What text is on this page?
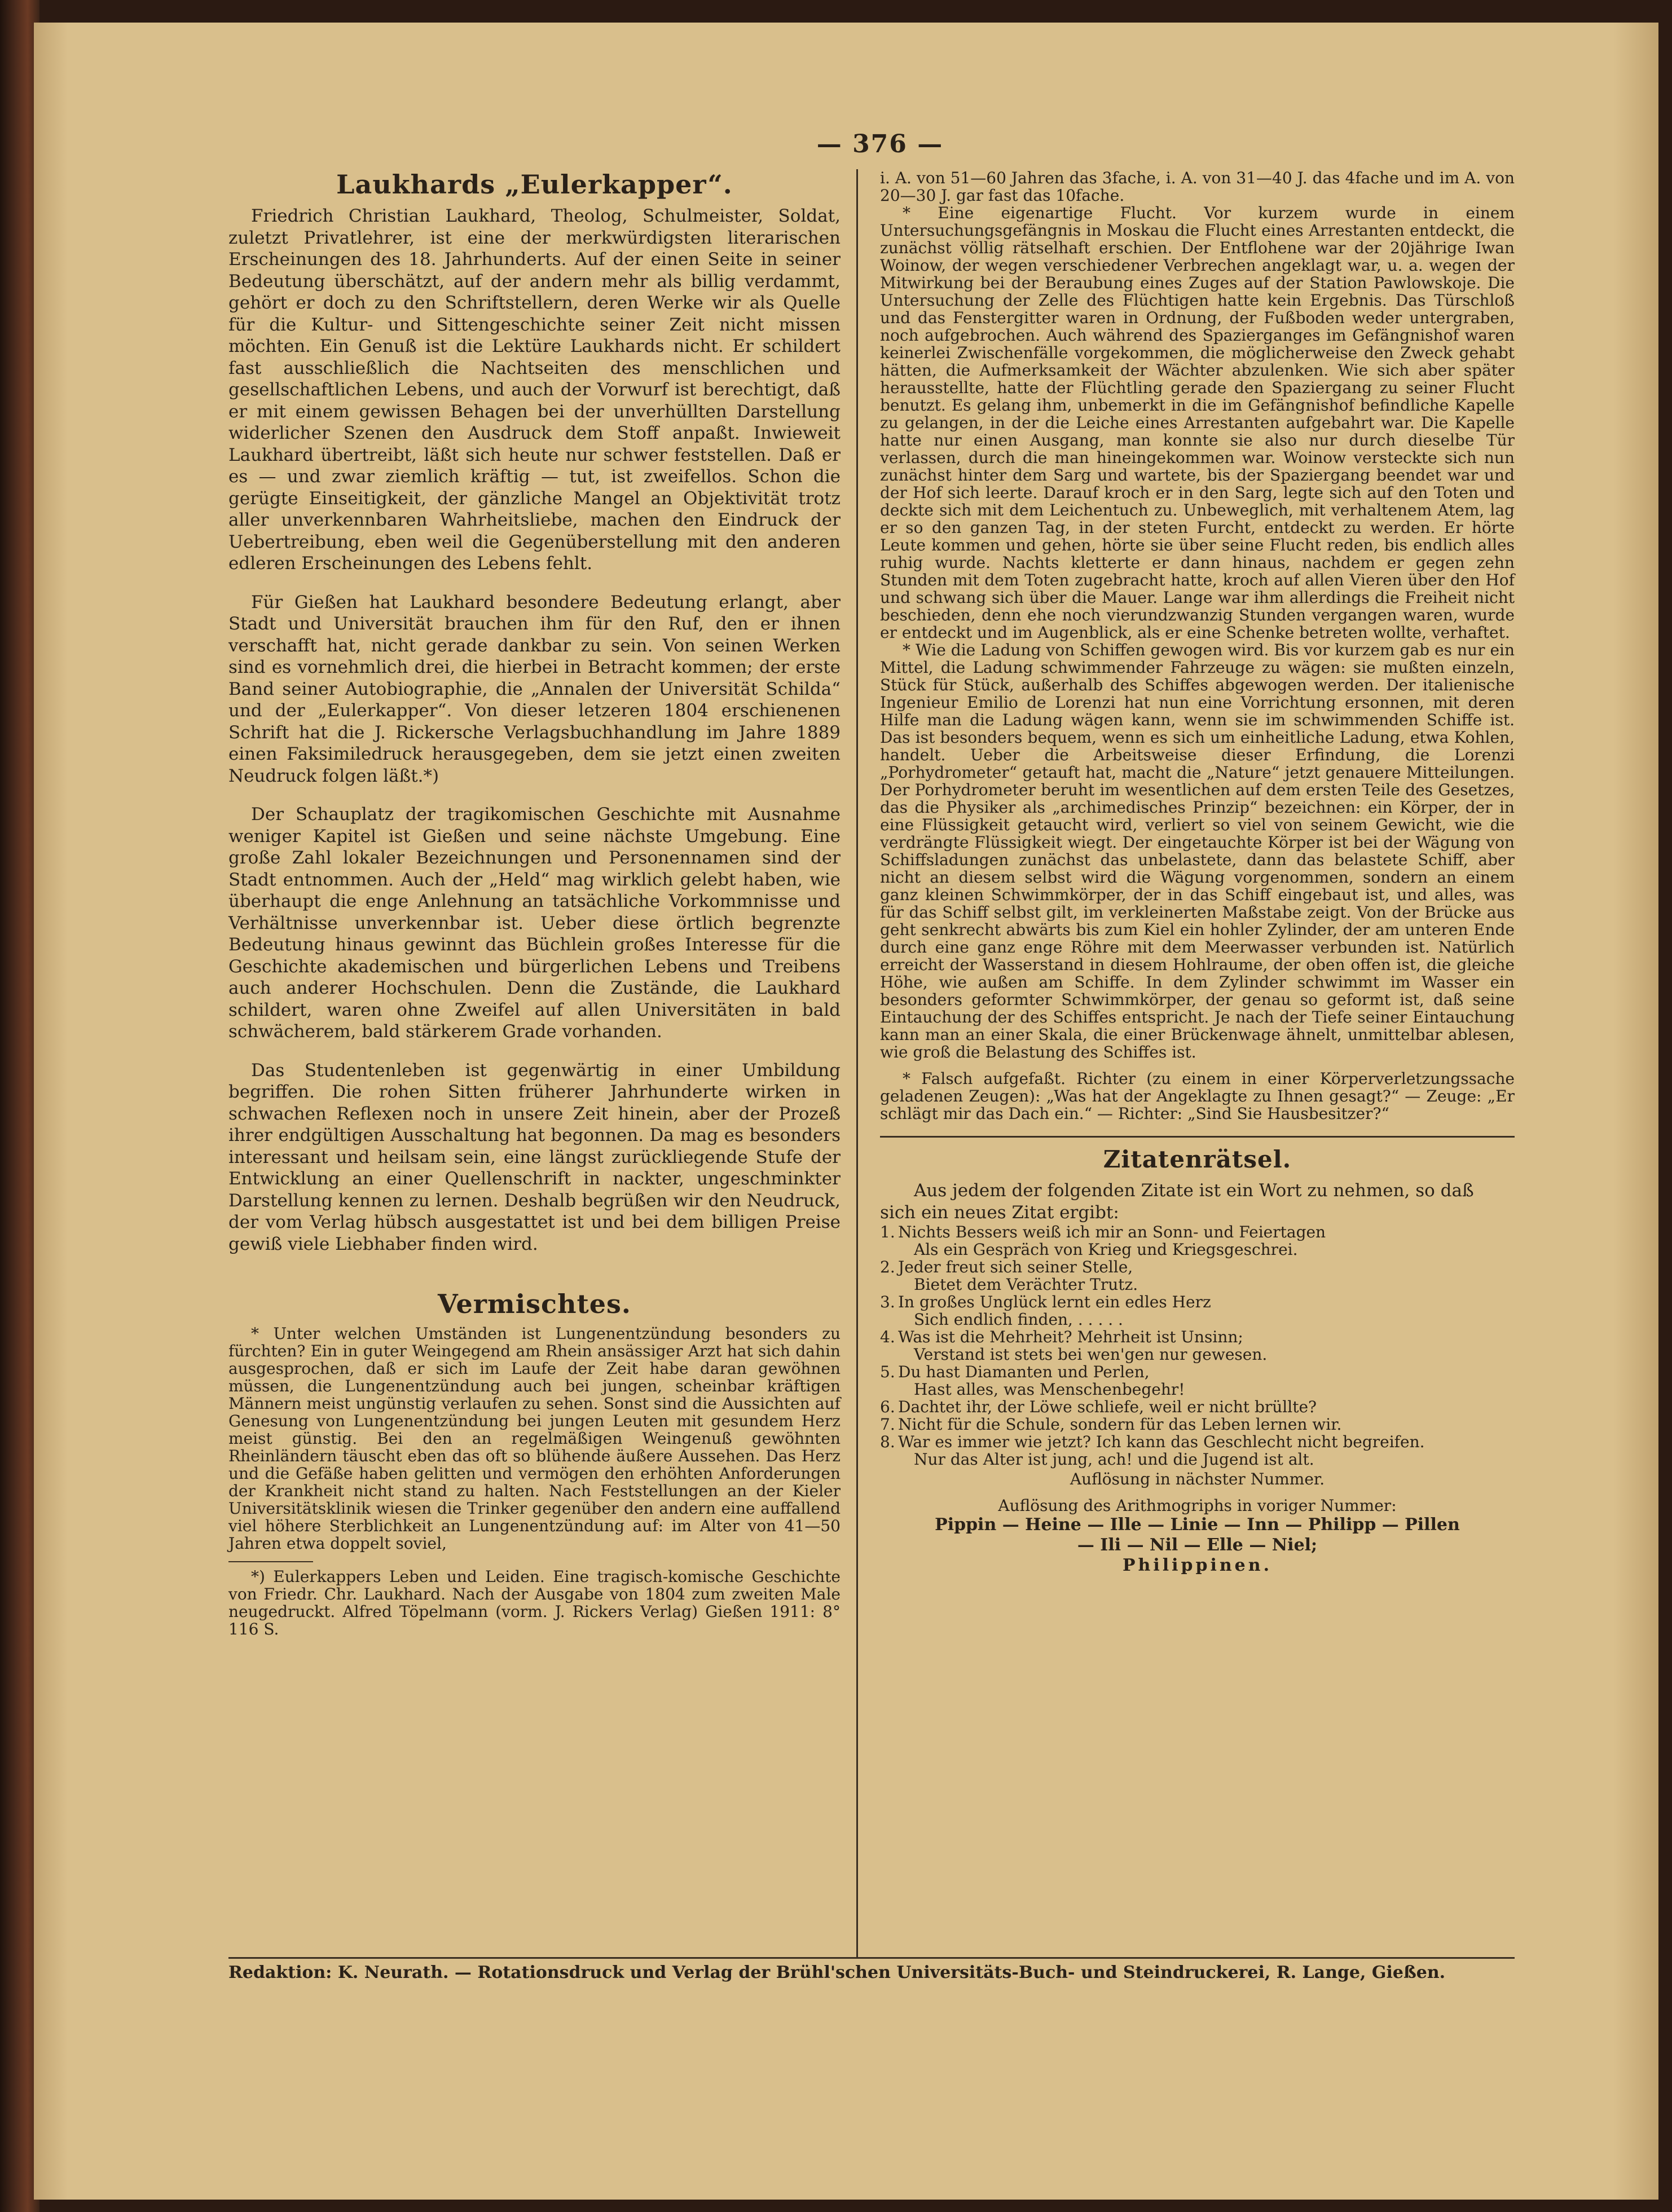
— 376 —
Laukhards „Eulerkapper“.

Friedrich Christian Laukhard, Theolog, Schulmeister, Soldat, zuletzt Privatlehrer, ist eine der merkwürdigsten literarischen Erscheinungen des 18. Jahrhunderts. Auf der einen Seite in seiner Bedeutung überschätzt, auf der andern mehr als billig verdammt, gehört er doch zu den Schriftstellern, deren Werke wir als Quelle für die Kultur- und Sittengeschichte seiner Zeit nicht missen möchten. Ein Genuß ist die Lektüre Laukhards nicht. Er schildert fast ausschließlich die Nachtseiten des menschlichen und gesellschaftlichen Lebens, und auch der Vorwurf ist berechtigt, daß er mit einem gewissen Behagen bei der unverhüllten Darstellung widerlicher Szenen den Ausdruck dem Stoff anpaßt. Inwieweit Laukhard übertreibt, läßt sich heute nur schwer feststellen. Daß er es — und zwar ziemlich kräftig — tut, ist zweifellos. Schon die gerügte Einseitigkeit, der gänzliche Mangel an Objektivität trotz aller unverkennbaren Wahrheitsliebe, machen den Eindruck der Uebertreibung, eben weil die Gegenüberstellung mit den anderen edleren Erscheinungen des Lebens fehlt.

Für Gießen hat Laukhard besondere Bedeutung erlangt, aber Stadt und Universität brauchen ihm für den Ruf, den er ihnen verschafft hat, nicht gerade dankbar zu sein. Von seinen Werken sind es vornehmlich drei, die hierbei in Betracht kommen; der erste Band seiner Autobiographie, die „Annalen der Universität Schilda“ und der „Eulerkapper“. Von dieser letzeren 1804 erschienenen Schrift hat die J. Rickersche Verlagsbuchhandlung im Jahre 1889 einen Faksimiledruck herausgegeben, dem sie jetzt einen zweiten Neudruck folgen läßt.*)

Der Schauplatz der tragikomischen Geschichte mit Ausnahme weniger Kapitel ist Gießen und seine nächste Umgebung. Eine große Zahl lokaler Bezeichnungen und Personennamen sind der Stadt entnommen. Auch der „Held“ mag wirklich gelebt haben, wie überhaupt die enge Anlehnung an tatsächliche Vorkommnisse und Verhältnisse unverkennbar ist. Ueber diese örtlich begrenzte Bedeutung hinaus gewinnt das Büchlein großes Interesse für die Geschichte akademischen und bürgerlichen Lebens und Treibens auch anderer Hochschulen. Denn die Zustände, die Laukhard schildert, waren ohne Zweifel auf allen Universitäten in bald schwächerem, bald stärkerem Grade vorhanden.

Das Studentenleben ist gegenwärtig in einer Umbildung begriffen. Die rohen Sitten früherer Jahrhunderte wirken in schwachen Reflexen noch in unsere Zeit hinein, aber der Prozeß ihrer endgültigen Ausschaltung hat begonnen. Da mag es besonders interessant und heilsam sein, eine längst zurückliegende Stufe der Entwicklung an einer Quellenschrift in nackter, ungeschminkter Darstellung kennen zu lernen. Deshalb begrüßen wir den Neudruck, der vom Verlag hübsch ausgestattet ist und bei dem billigen Preise gewiß viele Liebhaber finden wird.

Vermischtes.

* Unter welchen Umständen ist Lungenentzündung besonders zu fürchten? Ein in guter Weingegend am Rhein ansässiger Arzt hat sich dahin ausgesprochen, daß er sich im Laufe der Zeit habe daran gewöhnen müssen, die Lungenentzündung auch bei jungen, scheinbar kräftigen Männern meist ungünstig verlaufen zu sehen. Sonst sind die Aussichten auf Genesung von Lungenentzündung bei jungen Leuten mit gesundem Herz meist günstig. Bei den an regelmäßigen Weingenuß gewöhnten Rheinländern täuscht eben das oft so blühende äußere Aussehen. Das Herz und die Gefäße haben gelitten und vermögen den erhöhten Anforderungen der Krankheit nicht stand zu halten. Nach Feststellungen an der Kieler Universitätsklinik wiesen die Trinker gegenüber den andern eine auffallend viel höhere Sterblichkeit an Lungenentzündung auf: im Alter von 41—50 Jahren etwa doppelt soviel,

*) Eulerkappers Leben und Leiden. Eine tragisch-komische Geschichte von Friedr. Chr. Laukhard. Nach der Ausgabe von 1804 zum zweiten Male neugedruckt. Alfred Töpelmann (vorm. J. Rickers Verlag) Gießen 1911: 8° 116 S.

i. A. von 51—60 Jahren das 3fache, i. A. von 31—40 J. das 4fache und im A. von 20—30 J. gar fast das 10fache.

* Eine eigenartige Flucht. Vor kurzem wurde in einem Untersuchungsgefängnis in Moskau die Flucht eines Arrestanten entdeckt, die zunächst völlig rätselhaft erschien. Der Entflohene war der 20jährige Iwan Woinow, der wegen verschiedener Verbrechen angeklagt war, u. a. wegen der Mitwirkung bei der Beraubung eines Zuges auf der Station Pawlowskoje. Die Untersuchung der Zelle des Flüchtigen hatte kein Ergebnis. Das Türschloß und das Fenstergitter waren in Ordnung, der Fußboden weder untergraben, noch aufgebrochen. Auch während des Spazierganges im Gefängnishof waren keinerlei Zwischenfälle vorgekommen, die möglicherweise den Zweck gehabt hätten, die Aufmerksamkeit der Wächter abzulenken. Wie sich aber später herausstellte, hatte der Flüchtling gerade den Spaziergang zu seiner Flucht benutzt. Es gelang ihm, unbemerkt in die im Gefängnishof befindliche Kapelle zu gelangen, in der die Leiche eines Arrestanten aufgebahrt war. Die Kapelle hatte nur einen Ausgang, man konnte sie also nur durch dieselbe Tür verlassen, durch die man hineingekommen war. Woinow versteckte sich nun zunächst hinter dem Sarg und wartete, bis der Spaziergang beendet war und der Hof sich leerte. Darauf kroch er in den Sarg, legte sich auf den Toten und deckte sich mit dem Leichentuch zu. Unbeweglich, mit verhaltenem Atem, lag er so den ganzen Tag, in der steten Furcht, entdeckt zu werden. Er hörte Leute kommen und gehen, hörte sie über seine Flucht reden, bis endlich alles ruhig wurde. Nachts kletterte er dann hinaus, nachdem er gegen zehn Stunden mit dem Toten zugebracht hatte, kroch auf allen Vieren über den Hof und schwang sich über die Mauer. Lange war ihm allerdings die Freiheit nicht beschieden, denn ehe noch vierundzwanzig Stunden vergangen waren, wurde er entdeckt und im Augenblick, als er eine Schenke betreten wollte, verhaftet.

* Wie die Ladung von Schiffen gewogen wird. Bis vor kurzem gab es nur ein Mittel, die Ladung schwimmender Fahrzeuge zu wägen: sie mußten einzeln, Stück für Stück, außerhalb des Schiffes abgewogen werden. Der italienische Ingenieur Emilio de Lorenzi hat nun eine Vorrichtung ersonnen, mit deren Hilfe man die Ladung wägen kann, wenn sie im schwimmenden Schiffe ist. Das ist besonders bequem, wenn es sich um einheitliche Ladung, etwa Kohlen, handelt. Ueber die Arbeitsweise dieser Erfindung, die Lorenzi „Porhydrometer“ getauft hat, macht die „Nature“ jetzt genauere Mitteilungen. Der Porhydrometer beruht im wesentlichen auf dem ersten Teile des Gesetzes, das die Physiker als „archimedisches Prinzip“ bezeichnen: ein Körper, der in eine Flüssigkeit getaucht wird, verliert so viel von seinem Gewicht, wie die verdrängte Flüssigkeit wiegt. Der eingetauchte Körper ist bei der Wägung von Schiffsladungen zunächst das unbelastete, dann das belastete Schiff, aber nicht an diesem selbst wird die Wägung vorgenommen, sondern an einem ganz kleinen Schwimmkörper, der in das Schiff eingebaut ist, und alles, was für das Schiff selbst gilt, im verkleinerten Maßstabe zeigt. Von der Brücke aus geht senkrecht abwärts bis zum Kiel ein hohler Zylinder, der am unteren Ende durch eine ganz enge Röhre mit dem Meerwasser verbunden ist. Natürlich erreicht der Wasserstand in diesem Hohlraume, der oben offen ist, die gleiche Höhe, wie außen am Schiffe. In dem Zylinder schwimmt im Wasser ein besonders geformter Schwimmkörper, der genau so geformt ist, daß seine Eintauchung der des Schiffes entspricht. Je nach der Tiefe seiner Eintauchung kann man an einer Skala, die einer Brückenwage ähnelt, unmittelbar ablesen, wie groß die Belastung des Schiffes ist.

* Falsch aufgefaßt. Richter (zu einem in einer Körperverletzungssache geladenen Zeugen): „Was hat der Angeklagte zu Ihnen gesagt?“ — Zeuge: „Er schlägt mir das Dach ein.“ — Richter: „Sind Sie Hausbesitzer?“

Zitatenrätsel.

Aus jedem der folgenden Zitate ist ein Wort zu nehmen, so daß sich ein neues Zitat ergibt:

1. Nichts Bessers weiß ich mir an Sonn- und Feiertagen
Als ein Gespräch von Krieg und Kriegsgeschrei.
2. Jeder freut sich seiner Stelle,
Bietet dem Verächter Trutz.
3. In großes Unglück lernt ein edles Herz
Sich endlich finden, . . . . .
4. Was ist die Mehrheit? Mehrheit ist Unsinn;
Verstand ist stets bei wen'gen nur gewesen.
5. Du hast Diamanten und Perlen,
Hast alles, was Menschenbegehr!
6. Dachtet ihr, der Löwe schliefe, weil er nicht brüllte?
7. Nicht für die Schule, sondern für das Leben lernen wir.
8. War es immer wie jetzt? Ich kann das Geschlecht nicht begreifen.
Nur das Alter ist jung, ach! und die Jugend ist alt.
Auflösung in nächster Nummer.
Auflösung des Arithmogriphs in voriger Nummer:
Pippin — Heine — Ille — Linie — Inn — Philipp — Pillen
— Ili — Nil — Elle — Niel;
Philippinen.
Redaktion: K. Neurath. — Rotationsdruck und Verlag der Brühl'schen Universitäts-Buch- und Steindruckerei, R. Lange, Gießen.
